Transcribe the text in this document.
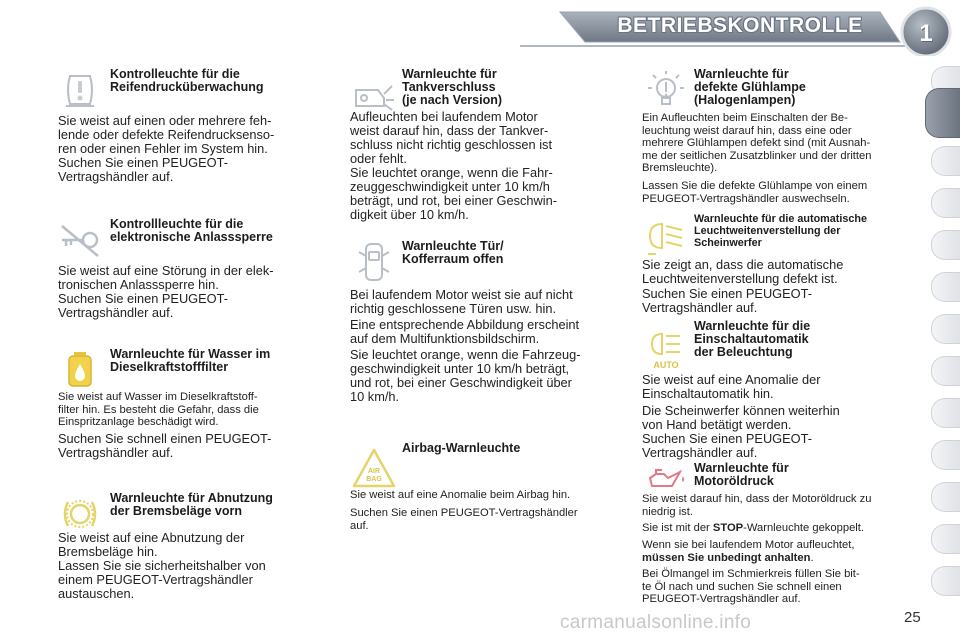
BETRIEBSKONTROLLE	1
Kontrolleuchte für die
Reifendrucküberwachung
Sie weist auf einen oder mehrere feh-
lende oder defekte Reifendrucksenso-
ren oder einen Fehler im System hin.
Suchen Sie einen PEUGEOT-
Vertragshändler auf.
Kontrollleuchte für die
elektronische Anlasssperre
Sie weist auf eine Störung in der elek-
tronischen Anlasssperre hin.
Suchen Sie einen PEUGEOT-
Vertragshändler auf.
Warnleuchte für Wasser im
Dieselkraftstofffilter
Sie weist auf Wasser im Dieselkraftstoff-
filter hin. Es besteht die Gefahr, dass die
Einspritzanlage beschädigt wird.
Suchen Sie schnell einen PEUGEOT-
Vertragshändler auf.
Warnleuchte für Abnutzung
der Bremsbeläge vorn
Sie weist auf eine Abnutzung der
Bremsbeläge hin.
Lassen Sie sie sicherheitshalber von
einem PEUGEOT-Vertragshändler
austauschen.
Warnleuchte für
Tankverschluss
(je nach Version)
Aufleuchten bei laufendem Motor
weist darauf hin, dass der Tankver-
schluss nicht richtig geschlossen ist
oder fehlt.
Sie leuchtet orange, wenn die Fahr-
zeuggeschwindigkeit unter 10 km/h
beträgt, und rot, bei einer Geschwin-
digkeit über 10 km/h.
Warnleuchte Tür/
Kofferraum offen
Bei laufendem Motor weist sie auf nicht
richtig geschlossene Türen usw. hin.
Eine entsprechende Abbildung erscheint
auf dem Multifunktionsbildschirm.
Sie leuchtet orange, wenn die Fahrzeug-
geschwindigkeit unter 10 km/h beträgt,
und rot, bei einer Geschwindigkeit über
10 km/h.
AIR
BAG
Airbag-Warnleuchte
Sie weist auf eine Anomalie beim Airbag hin.
Suchen Sie einen PEUGEOT-Vertragshändler
auf.
Warnleuchte für
defekte Glühlampe
(Halogenlampen)
Ein Aufleuchten beim Einschalten der Be-
leuchtung weist darauf hin, dass eine oder
mehrere Glühlampen defekt sind (mit Ausnah-
me der seitlichen Zusatzblinker und der dritten
Bremsleuchte).
Lassen Sie die defekte Glühlampe von einem
PEUGEOT-Vertragshändler auswechseln.
Warnleuchte für die automatische
Leuchtweitenverstellung der
Scheinwerfer
Sie zeigt an, dass die automatische
Leuchtweitenverstellung defekt ist.
Suchen Sie einen PEUGEOT-
Vertragshändler auf.
AUTO
Warnleuchte für die
Einschaltautomatik
der Beleuchtung
Sie weist auf eine Anomalie der
Einschaltautomatik hin.
Die Scheinwerfer können weiterhin
von Hand betätigt werden.
Suchen Sie einen PEUGEOT-
Vertragshändler auf.
Warnleuchte für
Motoröldruck
Sie weist darauf hin, dass der Motoröldruck zu
niedrig ist.
Sie ist mit der STOP-Warnleuchte gekoppelt.
Wenn sie bei laufendem Motor aufleuchtet,
müssen Sie unbedingt anhalten.
Bei Ölmangel im Schmierkreis füllen Sie bit-
te Öl nach und suchen Sie schnell einen
PEUGEOT-Vertragshändler auf.
carmanualsonline.info	25
